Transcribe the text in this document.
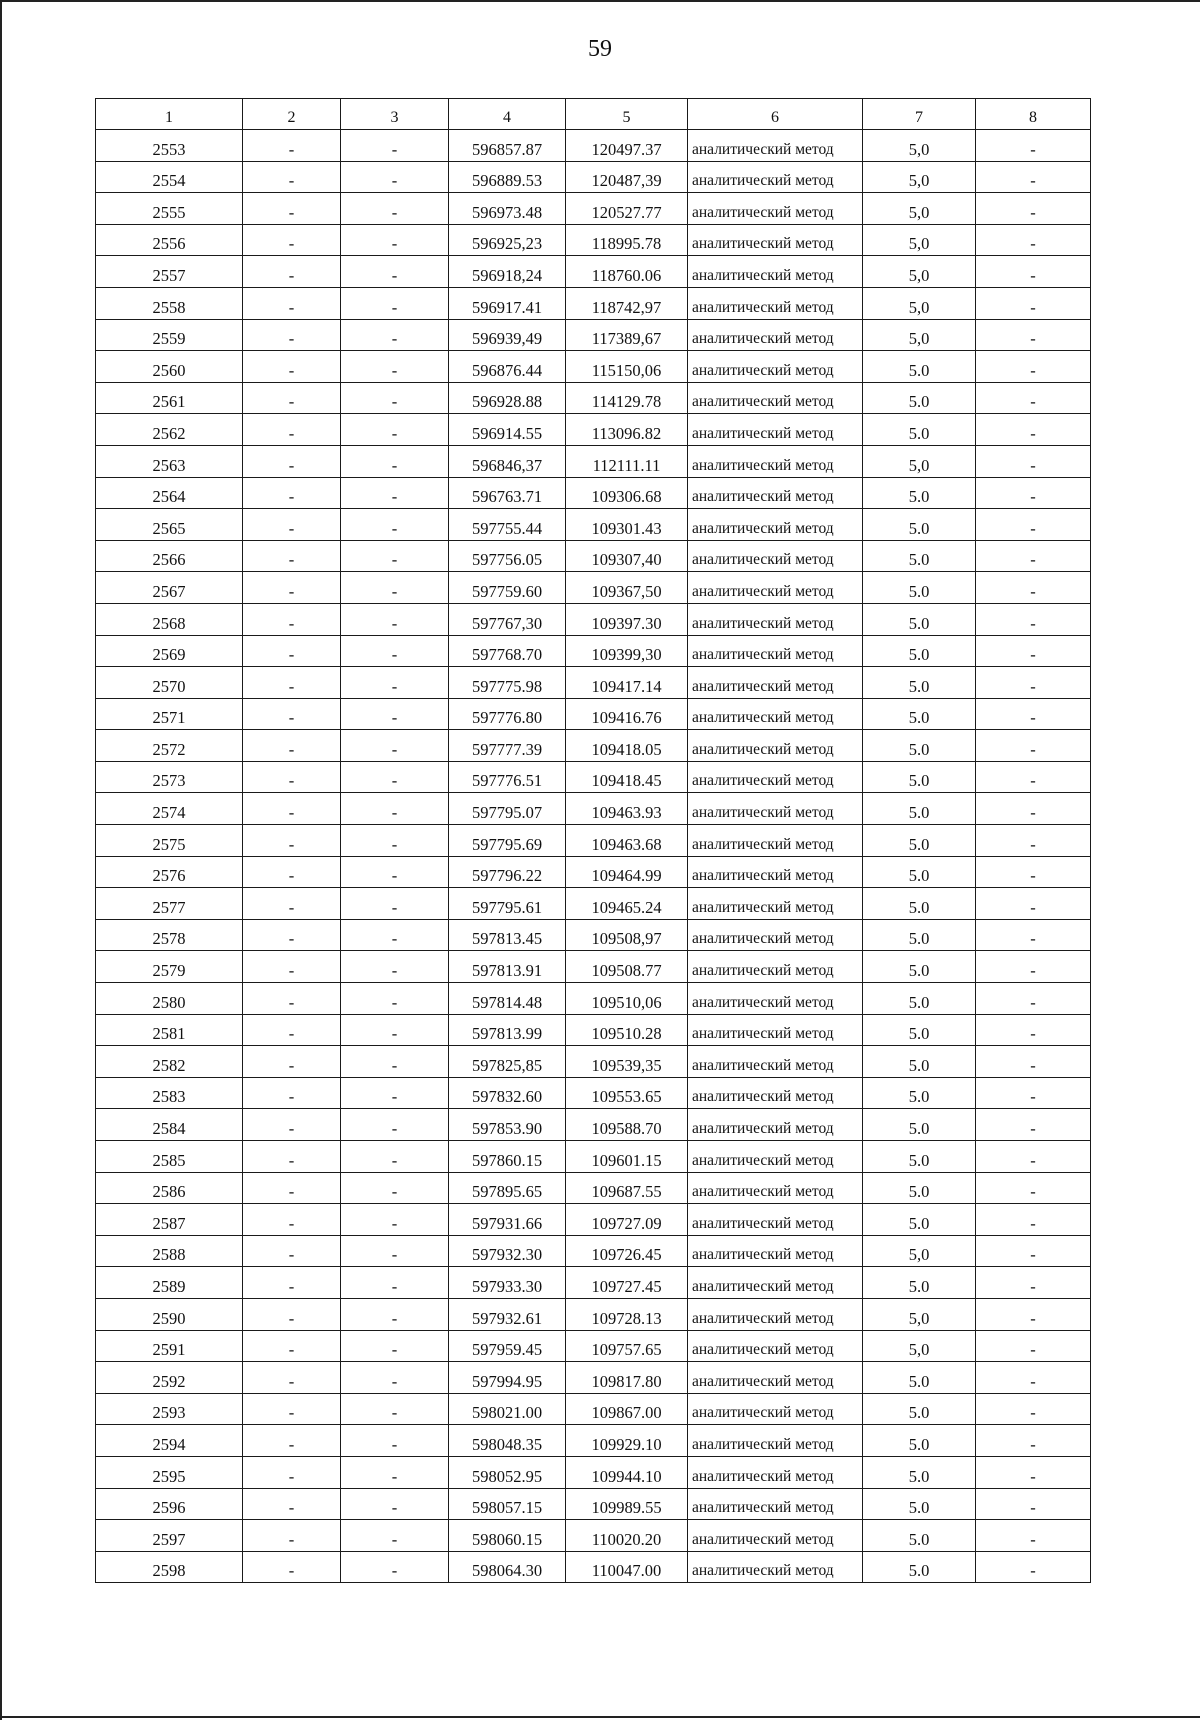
59
1	2	3	4	5	6	7	8
2553	-	-	596857.87	120497.37	аналитический метод	5,0	-
2554	-	-	596889.53	120487,39	аналитический метод	5,0	-
2555	-	-	596973.48	120527.77	аналитический метод	5,0	-
2556	-	-	596925,23	118995.78	аналитический метод	5,0	-
2557	-	-	596918,24	118760.06	аналитический метод	5,0	-
2558	-	-	596917.41	118742,97	аналитический метод	5,0	-
2559	-	-	596939,49	117389,67	аналитический метод	5,0	-
2560	-	-	596876.44	115150,06	аналитический метод	5.0	-
2561	-	-	596928.88	114129.78	аналитический метод	5.0	-
2562	-	-	596914.55	113096.82	аналитический метод	5.0	-
2563	-	-	596846,37	112111.11	аналитический метод	5,0	-
2564	-	-	596763.71	109306.68	аналитический метод	5.0	-
2565	-	-	597755.44	109301.43	аналитический метод	5.0	-
2566	-	-	597756.05	109307,40	аналитический метод	5.0	-
2567	-	-	597759.60	109367,50	аналитический метод	5.0	-
2568	-	-	597767,30	109397.30	аналитический метод	5.0	-
2569	-	-	597768.70	109399,30	аналитический метод	5.0	-
2570	-	-	597775.98	109417.14	аналитический метод	5.0	-
2571	-	-	597776.80	109416.76	аналитический метод	5.0	-
2572	-	-	597777.39	109418.05	аналитический метод	5.0	-
2573	-	-	597776.51	109418.45	аналитический метод	5.0	-
2574	-	-	597795.07	109463.93	аналитический метод	5.0	-
2575	-	-	597795.69	109463.68	аналитический метод	5.0	-
2576	-	-	597796.22	109464.99	аналитический метод	5.0	-
2577	-	-	597795.61	109465.24	аналитический метод	5.0	-
2578	-	-	597813.45	109508,97	аналитический метод	5.0	-
2579	-	-	597813.91	109508.77	аналитический метод	5.0	-
2580	-	-	597814.48	109510,06	аналитический метод	5.0	-
2581	-	-	597813.99	109510.28	аналитический метод	5.0	-
2582	-	-	597825,85	109539,35	аналитический метод	5.0	-
2583	-	-	597832.60	109553.65	аналитический метод	5.0	-
2584	-	-	597853.90	109588.70	аналитический метод	5.0	-
2585	-	-	597860.15	109601.15	аналитический метод	5.0	-
2586	-	-	597895.65	109687.55	аналитический метод	5.0	-
2587	-	-	597931.66	109727.09	аналитический метод	5.0	-
2588	-	-	597932.30	109726.45	аналитический метод	5,0	-
2589	-	-	597933.30	109727.45	аналитический метод	5.0	-
2590	-	-	597932.61	109728.13	аналитический метод	5,0	-
2591	-	-	597959.45	109757.65	аналитический метод	5,0	-
2592	-	-	597994.95	109817.80	аналитический метод	5.0	-
2593	-	-	598021.00	109867.00	аналитический метод	5.0	-
2594	-	-	598048.35	109929.10	аналитический метод	5.0	-
2595	-	-	598052.95	109944.10	аналитический метод	5.0	-
2596	-	-	598057.15	109989.55	аналитический метод	5.0	-
2597	-	-	598060.15	110020.20	аналитический метод	5.0	-
2598	-	-	598064.30	110047.00	аналитический метод	5.0	-
